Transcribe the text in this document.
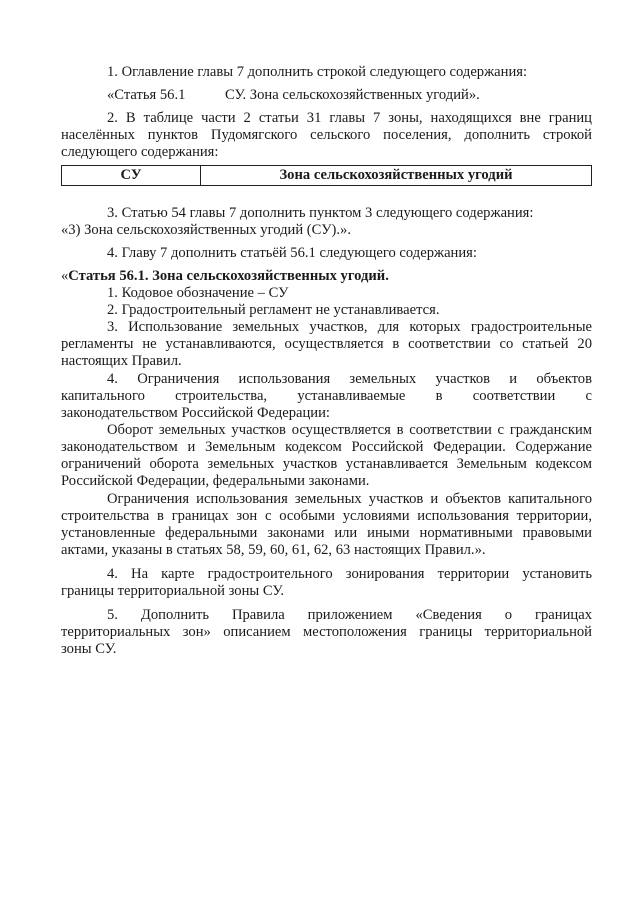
1. Оглавление главы 7 дополнить строкой следующего содержания:

«Статья 56.1	СУ. Зона сельскохозяйственных угодий».

2. В таблице части 2 статьи 31 главы 7 зоны, находящихся вне границ

населённых пунктов Пудомягского сельского поселения, дополнить строкой

следующего содержания:

СУ	Зона сельскохозяйственных угодий

3. Статью 54 главы 7 дополнить пунктом 3 следующего содержания:

«3) Зона сельскохозяйственных угодий (СУ).».

4. Главу 7 дополнить статьёй 56.1 следующего содержания:

«Статья 56.1. Зона сельскохозяйственных угодий.

1. Кодовое обозначение – СУ

2. Градостроительный регламент не устанавливается.

3. Использование земельных участков, для которых градостроительные

регламенты не устанавливаются, осуществляется в соответствии со статьей 20

настоящих Правил.

4. Ограничения использования земельных участков и объектов

капитального строительства, устанавливаемые в соответствии с

законодательством Российской Федерации:

Оборот земельных участков осуществляется в соответствии с гражданским

законодательством и Земельным кодексом Российской Федерации. Содержание

ограничений оборота земельных участков устанавливается Земельным кодексом

Российской Федерации, федеральными законами.

Ограничения использования земельных участков и объектов капитального

строительства в границах зон с особыми условиями использования территории,

установленные федеральными законами или иными нормативными правовыми

актами, указаны в статьях 58, 59, 60, 61, 62, 63 настоящих Правил.».

4. На карте градостроительного зонирования территории установить

границы территориальной зоны СУ.

5. Дополнить Правила приложением «Сведения о границах

территориальных зон» описанием местоположения границы территориальной

зоны СУ.
